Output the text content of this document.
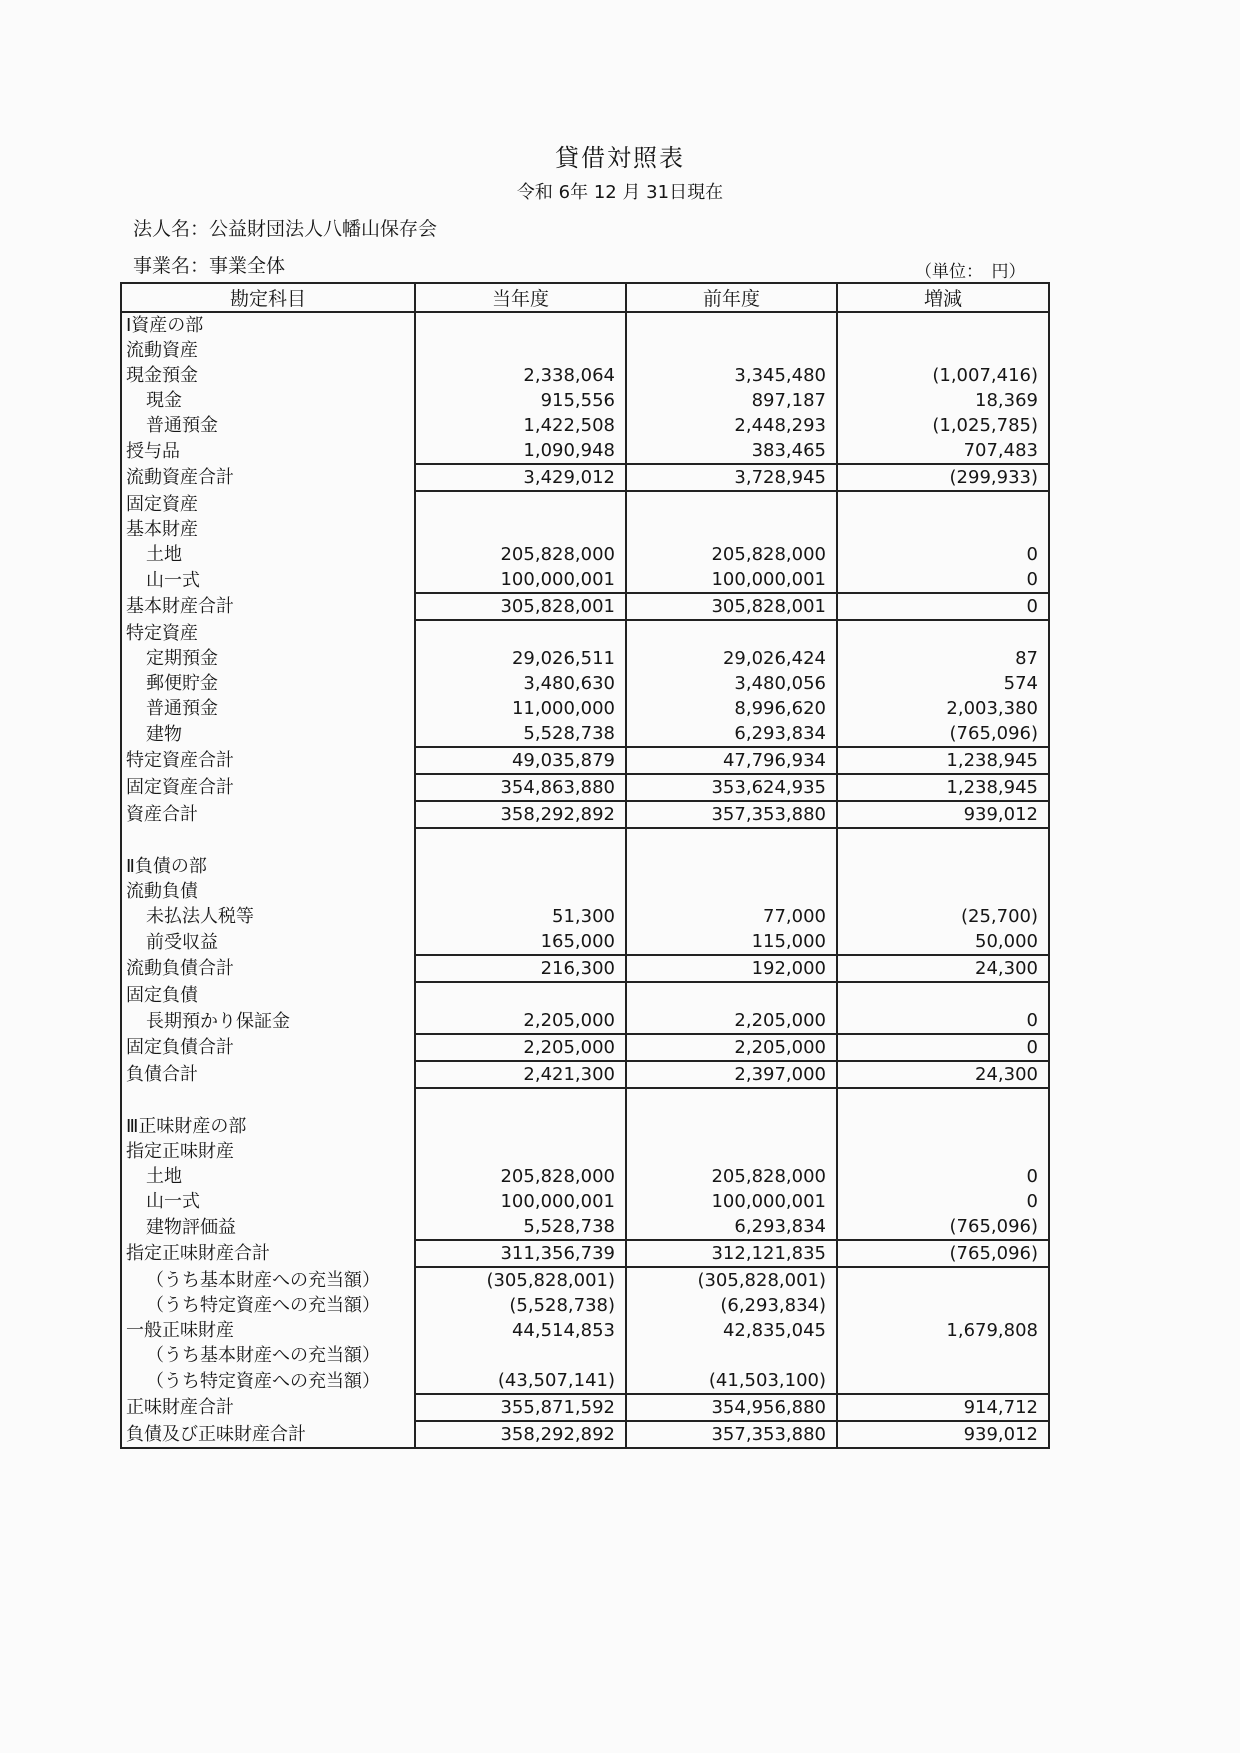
貸借対照表
令和 6年 12 月 31日現在
法人名：公益財団法人八幡山保存会
事業名：事業全体	（単位：　円）
勘定科目	当年度	前年度	増減
Ⅰ資産の部			
流動資産			
現金預金	2,338,064	3,345,480	(1,007,416)
現金	915,556	897,187	18,369
普通預金	1,422,508	2,448,293	(1,025,785)
授与品	1,090,948	383,465	707,483
流動資産合計	3,429,012	3,728,945	(299,933)
固定資産			
基本財産			
土地	205,828,000	205,828,000	0
山一式	100,000,001	100,000,001	0
基本財産合計	305,828,001	305,828,001	0
特定資産			
定期預金	29,026,511	29,026,424	87
郵便貯金	3,480,630	3,480,056	574
普通預金	11,000,000	8,996,620	2,003,380
建物	5,528,738	6,293,834	(765,096)
特定資産合計	49,035,879	47,796,934	1,238,945
固定資産合計	354,863,880	353,624,935	1,238,945
資産合計	358,292,892	357,353,880	939,012

Ⅱ負債の部			
流動負債			
未払法人税等	51,300	77,000	(25,700)
前受収益	165,000	115,000	50,000
流動負債合計	216,300	192,000	24,300
固定負債			
長期預かり保証金	2,205,000	2,205,000	0
固定負債合計	2,205,000	2,205,000	0
負債合計	2,421,300	2,397,000	24,300

Ⅲ正味財産の部			
指定正味財産			
土地	205,828,000	205,828,000	0
山一式	100,000,001	100,000,001	0
建物評価益	5,528,738	6,293,834	(765,096)
指定正味財産合計	311,356,739	312,121,835	(765,096)
（うち基本財産への充当額）	(305,828,001)	(305,828,001)	
（うち特定資産への充当額）	(5,528,738)	(6,293,834)	
一般正味財産	44,514,853	42,835,045	1,679,808
（うち基本財産への充当額）			
（うち特定資産への充当額）	(43,507,141)	(41,503,100)	
正味財産合計	355,871,592	354,956,880	914,712
負債及び正味財産合計	358,292,892	357,353,880	939,012
